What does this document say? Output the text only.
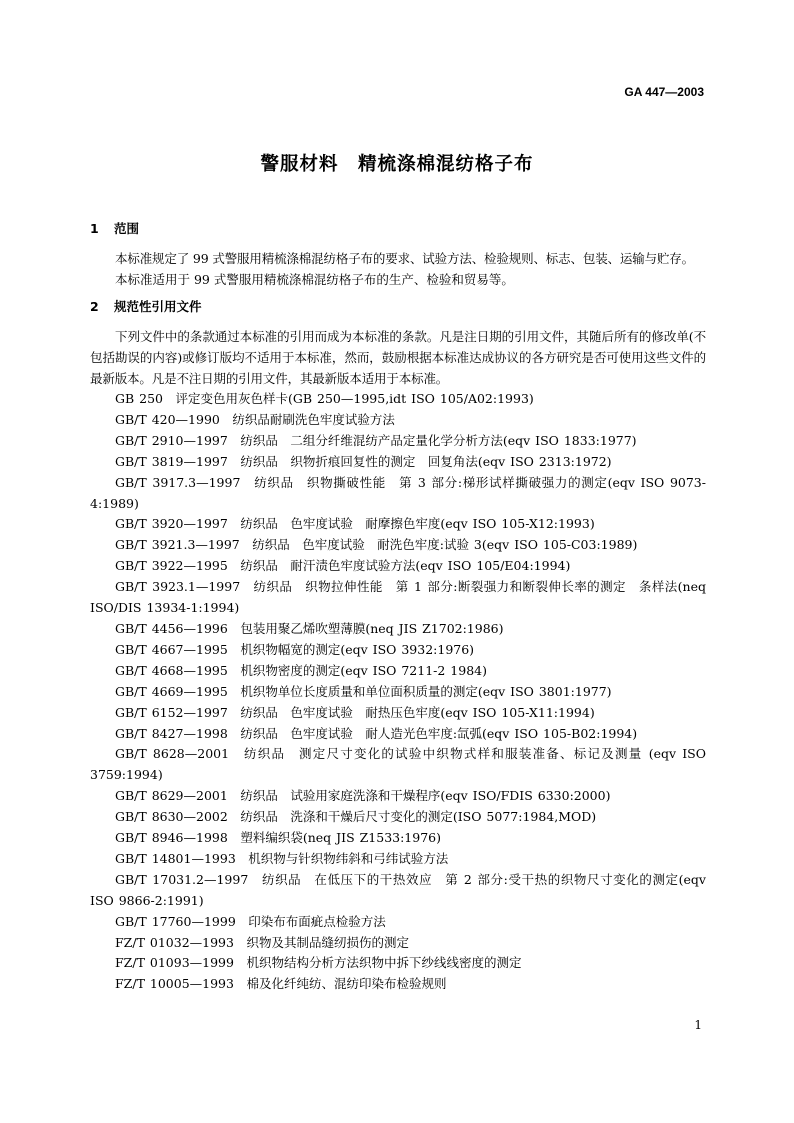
GA 447—2003
警服材料　精梳涤棉混纺格子布
1 范围
本标准规定了 99 式警服用精梳涤棉混纺格子布的要求、试验方法、检验规则、标志、包装、运输与贮存。
本标准适用于 99 式警服用精梳涤棉混纺格子布的生产、检验和贸易等。
2 规范性引用文件
下列文件中的条款通过本标准的引用而成为本标准的条款。凡是注日期的引用文件，其随后所有的修改单(不包括勘误的内容)或修订版均不适用于本标准，然而，鼓励根据本标准达成协议的各方研究是否可使用这些文件的最新版本。凡是不注日期的引用文件，其最新版本适用于本标准。
GB 250　评定变色用灰色样卡(GB 250—1995,idt ISO 105/A02:1993)
GB/T 420—1990　纺织品耐刷洗色牢度试验方法
GB/T 2910—1997　纺织品　二组分纤维混纺产品定量化学分析方法(eqv ISO 1833:1977)
GB/T 3819—1997　纺织品　织物折痕回复性的测定　回复角法(eqv ISO 2313:1972)
GB/T 3917.3—1997　纺织品　织物撕破性能　第 3 部分:梯形试样撕破强力的测定(eqv ISO 9073-4:1989)
GB/T 3920—1997　纺织品　色牢度试验　耐摩擦色牢度(eqv ISO 105-X12:1993)
GB/T 3921.3—1997　纺织品　色牢度试验　耐洗色牢度:试验 3(eqv ISO 105-C03:1989)
GB/T 3922—1995　纺织品　耐汗渍色牢度试验方法(eqv ISO 105/E04:1994)
GB/T 3923.1—1997　纺织品　织物拉伸性能　第 1 部分:断裂强力和断裂伸长率的测定　条样法(neq ISO/DIS 13934-1:1994)
GB/T 4456—1996　包装用聚乙烯吹塑薄膜(neq JIS Z1702:1986)
GB/T 4667—1995　机织物幅宽的测定(eqv ISO 3932:1976)
GB/T 4668—1995　机织物密度的测定(eqv ISO 7211-2 1984)
GB/T 4669—1995　机织物单位长度质量和单位面积质量的测定(eqv ISO 3801:1977)
GB/T 6152—1997　纺织品　色牢度试验　耐热压色牢度(eqv ISO 105-X11:1994)
GB/T 8427—1998　纺织品　色牢度试验　耐人造光色牢度:氙弧(eqv ISO 105-B02:1994)
GB/T 8628—2001　纺织品　测定尺寸变化的试验中织物式样和服装准备、标记及测量 (eqv ISO 3759:1994)
GB/T 8629—2001　纺织品　试验用家庭洗涤和干燥程序(eqv ISO/FDIS 6330:2000)
GB/T 8630—2002　纺织品　洗涤和干燥后尺寸变化的测定(ISO 5077:1984,MOD)
GB/T 8946—1998　塑料编织袋(neq JIS Z1533:1976)
GB/T 14801—1993　机织物与针织物纬斜和弓纬试验方法
GB/T 17031.2—1997　纺织品　在低压下的干热效应　第 2 部分:受干热的织物尺寸变化的测定(eqv ISO 9866-2:1991)
GB/T 17760—1999　印染布布面疵点检验方法
FZ/T 01032—1993　织物及其制品缝纫损伤的测定
FZ/T 01093—1999　机织物结构分析方法织物中拆下纱线线密度的测定
FZ/T 10005—1993　棉及化纤纯纺、混纺印染布检验规则
1
